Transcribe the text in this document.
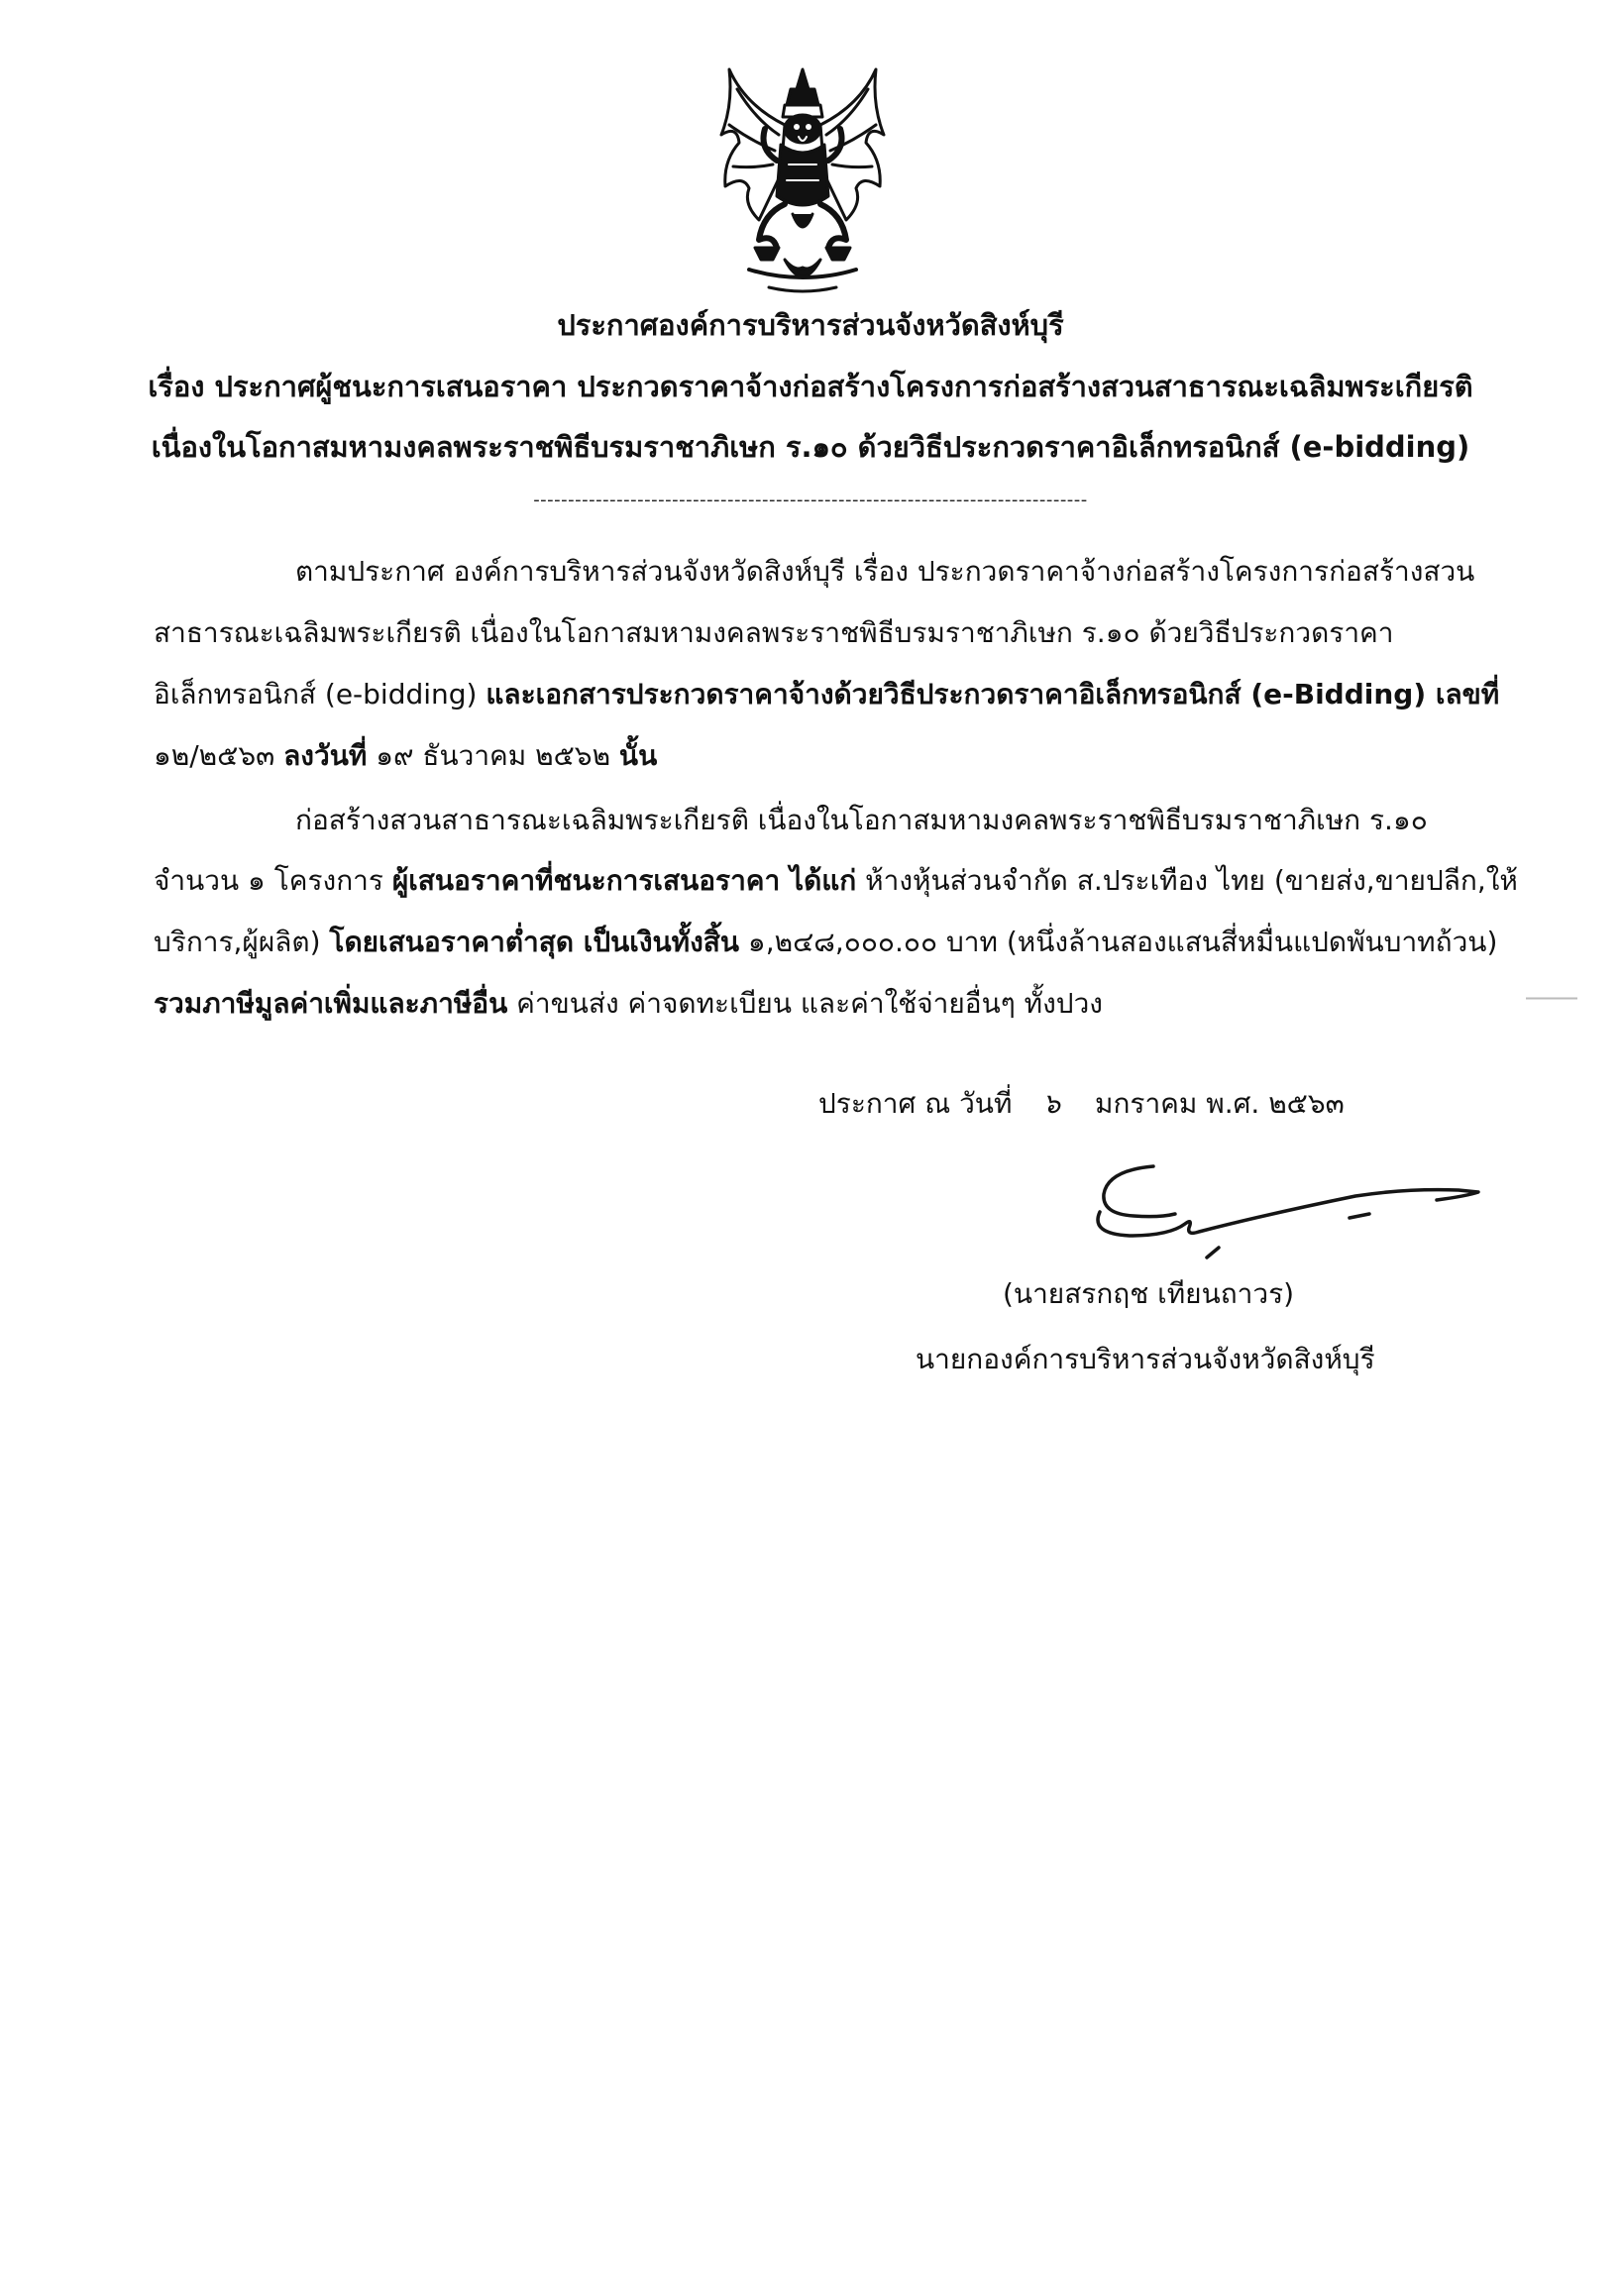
ประกาศองค์การบริหารส่วนจังหวัดสิงห์บุรี
เรื่อง ประกาศผู้ชนะการเสนอราคา ประกวดราคาจ้างก่อสร้างโครงการก่อสร้างสวนสาธารณะเฉลิมพระเกียรติ
เนื่องในโอกาสมหามงคลพระราชพิธีบรมราชาภิเษก ร.๑๐ ด้วยวิธีประกวดราคาอิเล็กทรอนิกส์ (e-bidding)
--------------------------------------------------------------------------------
ตามประกาศ องค์การบริหารส่วนจังหวัดสิงห์บุรี เรื่อง ประกวดราคาจ้างก่อสร้างโครงการก่อสร้างสวน
สาธารณะเฉลิมพระเกียรติ เนื่องในโอกาสมหามงคลพระราชพิธีบรมราชาภิเษก ร.๑๐ ด้วยวิธีประกวดราคา
อิเล็กทรอนิกส์ (e-bidding) และเอกสารประกวดราคาจ้างด้วยวิธีประกวดราคาอิเล็กทรอนิกส์ (e-Bidding) เลขที่
๑๒/๒๕๖๓ ลงวันที่ ๑๙ ธันวาคม ๒๕๖๒ นั้น
ก่อสร้างสวนสาธารณะเฉลิมพระเกียรติ เนื่องในโอกาสมหามงคลพระราชพิธีบรมราชาภิเษก ร.๑๐
จำนวน ๑ โครงการ ผู้เสนอราคาที่ชนะการเสนอราคา ได้แก่ ห้างหุ้นส่วนจำกัด ส.ประเทือง ไทย (ขายส่ง,ขายปลีก,ให้
บริการ,ผู้ผลิต) โดยเสนอราคาต่ำสุด เป็นเงินทั้งสิ้น ๑,๒๔๘,๐๐๐.๐๐ บาท (หนึ่งล้านสองแสนสี่หมื่นแปดพันบาทถ้วน)
รวมภาษีมูลค่าเพิ่มและภาษีอื่น ค่าขนส่ง ค่าจดทะเบียน และค่าใช้จ่ายอื่นๆ ทั้งปวง
ประกาศ ณ วันที่ ๖ มกราคม พ.ศ. ๒๕๖๓
(นายสรกฤช เทียนถาวร)
นายกองค์การบริหารส่วนจังหวัดสิงห์บุรี
